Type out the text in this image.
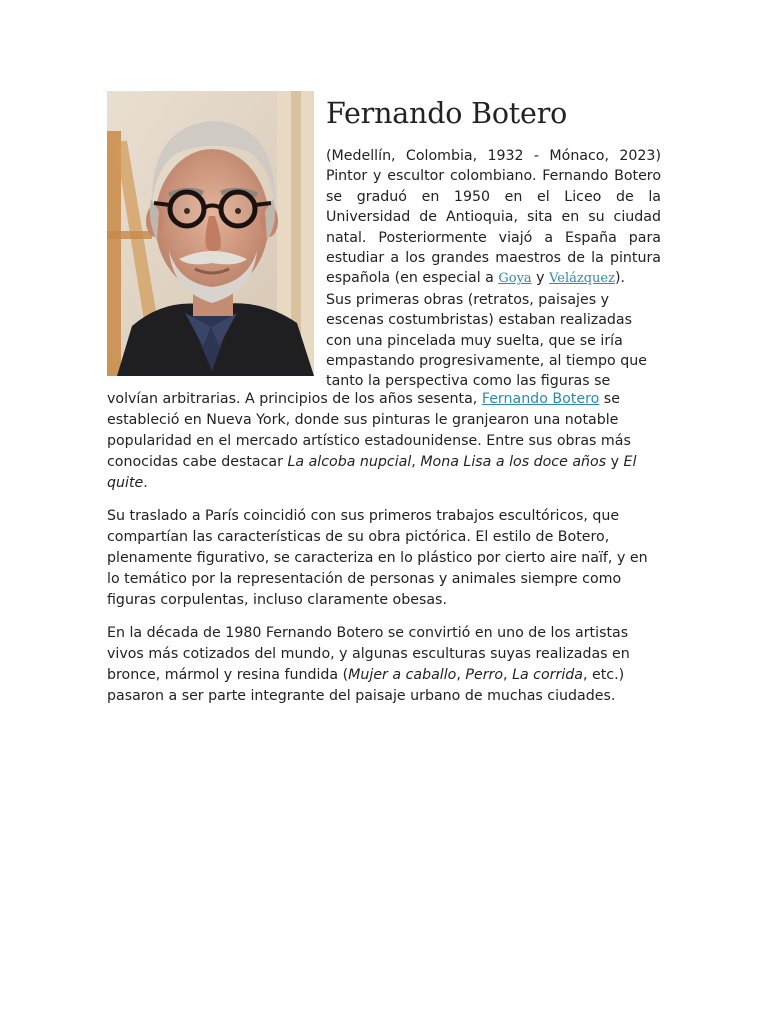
Fernando Botero

(Medellín, Colombia, 1932 - Mónaco, 2023) Pintor y escultor colombiano. Fernando Botero se graduó en 1950 en el Liceo de la Universidad de Antioquia, sita en su ciudad natal. Posteriormente viajó a España para estudiar a los grandes maestros de la pintura española (en especial a Goya y Velázquez).
Sus primeras obras (retratos, paisajes y escenas costumbristas) estaban realizadas con una pincelada muy suelta, que se iría empastando progresivamente, al tiempo que tanto la perspectiva como las figuras se

volvían arbitrarias. A principios de los años sesenta, Fernando Botero se estableció en Nueva York, donde sus pinturas le granjearon una notable popularidad en el mercado artístico estadounidense. Entre sus obras más conocidas cabe destacar La alcoba nupcial, Mona Lisa a los doce años y El quite.

Su traslado a París coincidió con sus primeros trabajos escultóricos, que compartían las características de su obra pictórica. El estilo de Botero, plenamente figurativo, se caracteriza en lo plástico por cierto aire naïf, y en lo temático por la representación de personas y animales siempre como figuras corpulentas, incluso claramente obesas.

En la década de 1980 Fernando Botero se convirtió en uno de los artistas vivos más cotizados del mundo, y algunas esculturas suyas realizadas en bronce, mármol y resina fundida (Mujer a caballo, Perro, La corrida, etc.) pasaron a ser parte integrante del paisaje urbano de muchas ciudades.
